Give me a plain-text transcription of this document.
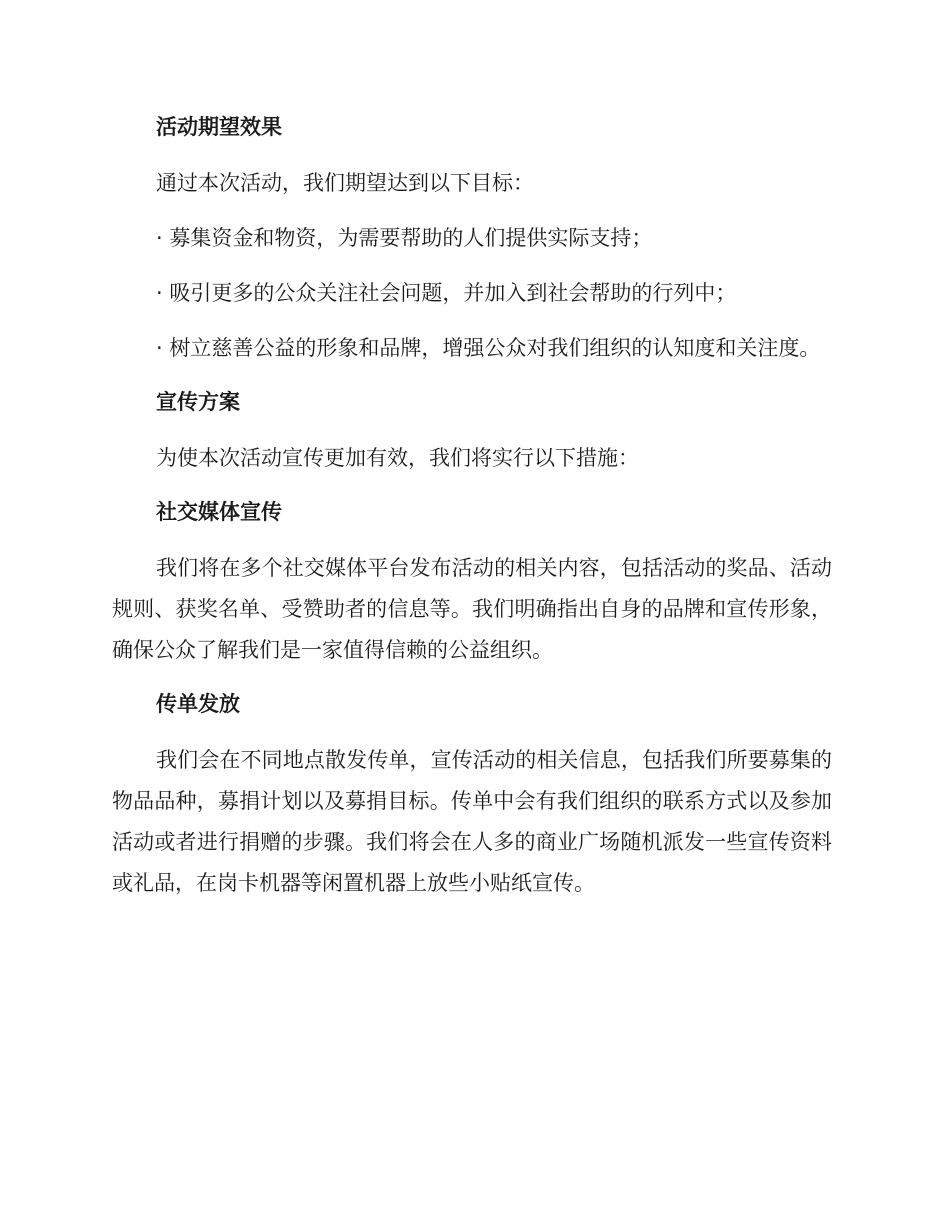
活动期望效果

通过本次活动，我们期望达到以下目标：

· 募集资金和物资，为需要帮助的人们提供实际支持；

· 吸引更多的公众关注社会问题，并加入到社会帮助的行列中；

· 树立慈善公益的形象和品牌，增强公众对我们组织的认知度和关注度。

宣传方案

为使本次活动宣传更加有效，我们将实行以下措施：

社交媒体宣传

我们将在多个社交媒体平台发布活动的相关内容，包括活动的奖品、活动规则、获奖名单、受赞助者的信息等。我们明确指出自身的品牌和宣传形象，确保公众了解我们是一家值得信赖的公益组织。

传单发放

我们会在不同地点散发传单，宣传活动的相关信息，包括我们所要募集的物品品种，募捐计划以及募捐目标。传单中会有我们组织的联系方式以及参加活动或者进行捐赠的步骤。我们将会在人多的商业广场随机派发一些宣传资料或礼品，在岗卡机器等闲置机器上放些小贴纸宣传。
